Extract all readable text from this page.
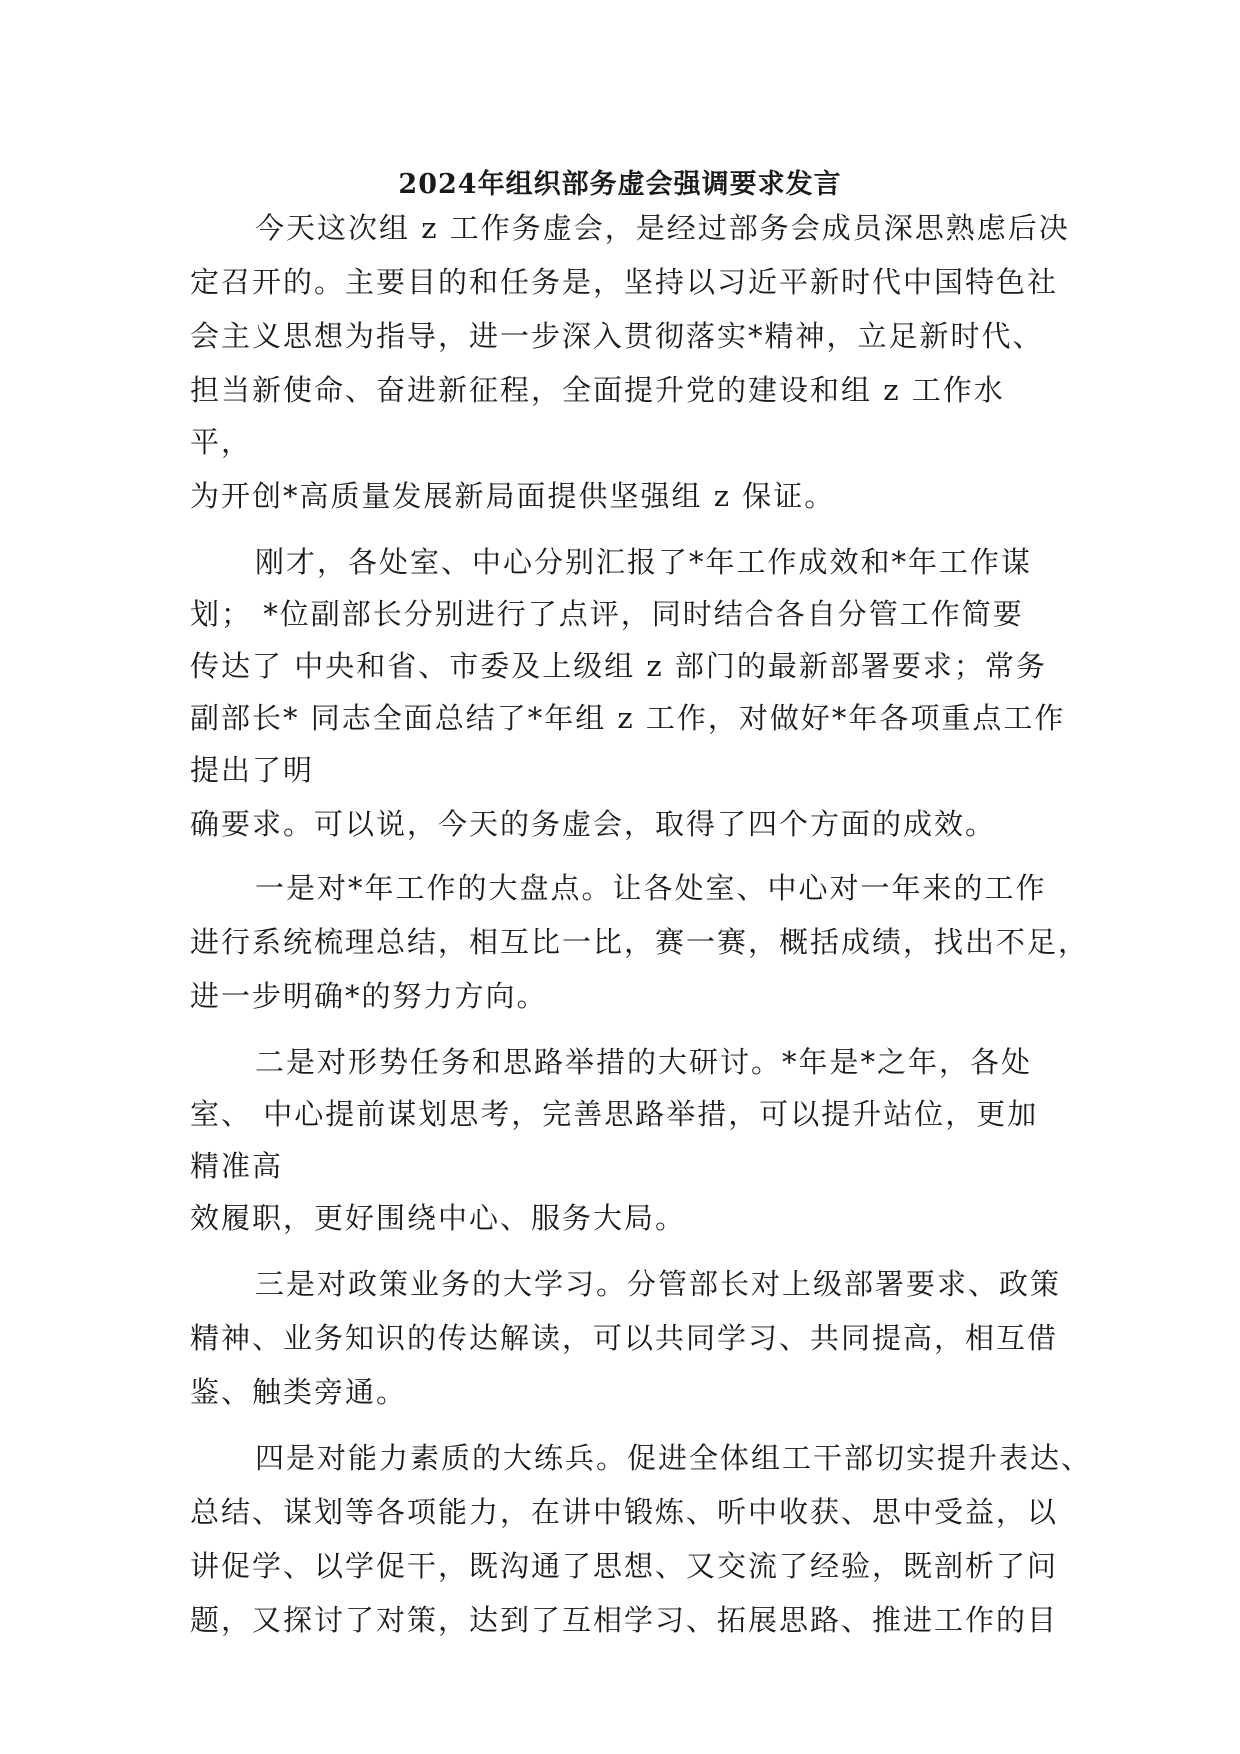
2024年组织部务虚会强调要求发言
今天这次组 z 工作务虚会，是经过部务会成员深思熟虑后决
定召开的。主要目的和任务是，坚持以习近平新时代中国特色社
会主义思想为指导，进一步深入贯彻落实*精神，立足新时代、
担当新使命、奋进新征程，全面提升党的建设和组 z 工作水
平，
为开创*高质量发展新局面提供坚强组 z 保证。
刚才，各处室、中心分别汇报了*年工作成效和*年工作谋
划； *位副部长分别进行了点评，同时结合各自分管工作简要
传达了 中央和省、市委及上级组 z 部门的最新部署要求；常务
副部长* 同志全面总结了*年组 z 工作，对做好*年各项重点工作
提出了明
确要求。可以说，今天的务虚会，取得了四个方面的成效。
一是对*年工作的大盘点。让各处室、中心对一年来的工作
进行系统梳理总结，相互比一比，赛一赛，概括成绩，找出不足，
进一步明确*的努力方向。
二是对形势任务和思路举措的大研讨。*年是*之年，各处
室、 中心提前谋划思考，完善思路举措，可以提升站位，更加
精准高
效履职，更好围绕中心、服务大局。
三是对政策业务的大学习。分管部长对上级部署要求、政策
精神、业务知识的传达解读，可以共同学习、共同提高，相互借
鉴、触类旁通。
四是对能力素质的大练兵。促进全体组工干部切实提升表达、
总结、谋划等各项能力，在讲中锻炼、听中收获、思中受益，以
讲促学、以学促干，既沟通了思想、又交流了经验，既剖析了问
题，又探讨了对策，达到了互相学习、拓展思路、推进工作的目
